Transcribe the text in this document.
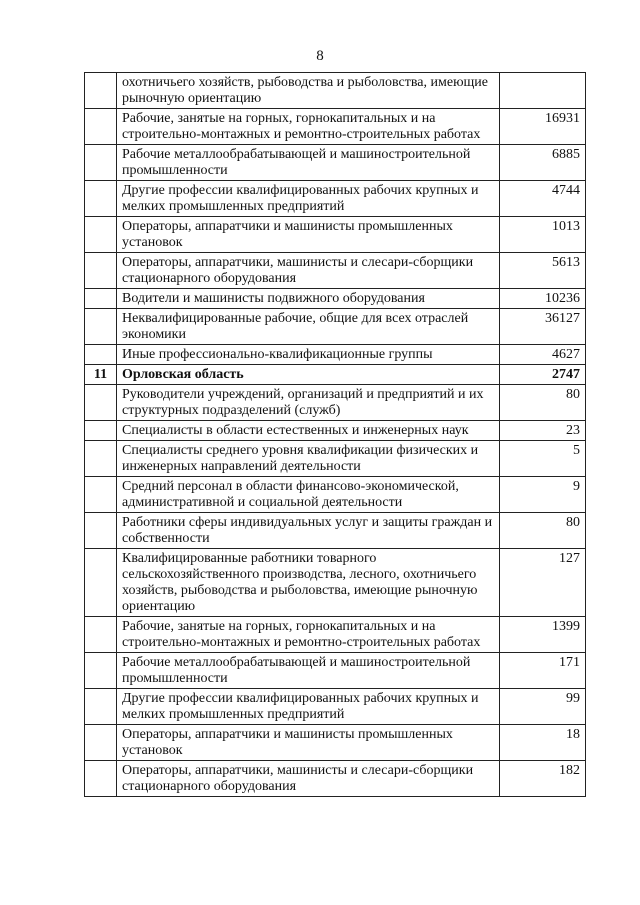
8
	охотничьего хозяйств, рыбоводства и рыболовства, имеющие рыночную ориентацию	
	Рабочие, занятые на горных, горнокапитальных и на строительно-монтажных и ремонтно-строительных работах	16931
	Рабочие металлообрабатывающей и машиностроительной промышленности	6885
	Другие профессии квалифицированных рабочих крупных и мелких промышленных предприятий	4744
	Операторы, аппаратчики и машинисты промышленных установок	1013
	Операторы, аппаратчики, машинисты и слесари-сборщики стационарного оборудования	5613
	Водители и машинисты подвижного оборудования	10236
	Неквалифицированные рабочие, общие для всех отраслей экономики	36127
	Иные профессионально-квалификационные группы	4627
11	Орловская область	2747
	Руководители учреждений, организаций и предприятий и их структурных подразделений (служб)	80
	Специалисты в области естественных и инженерных наук	23
	Специалисты среднего уровня квалификации физических и инженерных направлений деятельности	5
	Средний персонал в области финансово-экономической, административной и социальной деятельности	9
	Работники сферы индивидуальных услуг и защиты граждан и собственности	80
	Квалифицированные работники товарного сельскохозяйственного производства, лесного, охотничьего хозяйств, рыбоводства и рыболовства, имеющие рыночную ориентацию	127
	Рабочие, занятые на горных, горнокапитальных и на строительно-монтажных и ремонтно-строительных работах	1399
	Рабочие металлообрабатывающей и машиностроительной промышленности	171
	Другие профессии квалифицированных рабочих крупных и мелких промышленных предприятий	99
	Операторы, аппаратчики и машинисты промышленных установок	18
	Операторы, аппаратчики, машинисты и слесари-сборщики стационарного оборудования	182
